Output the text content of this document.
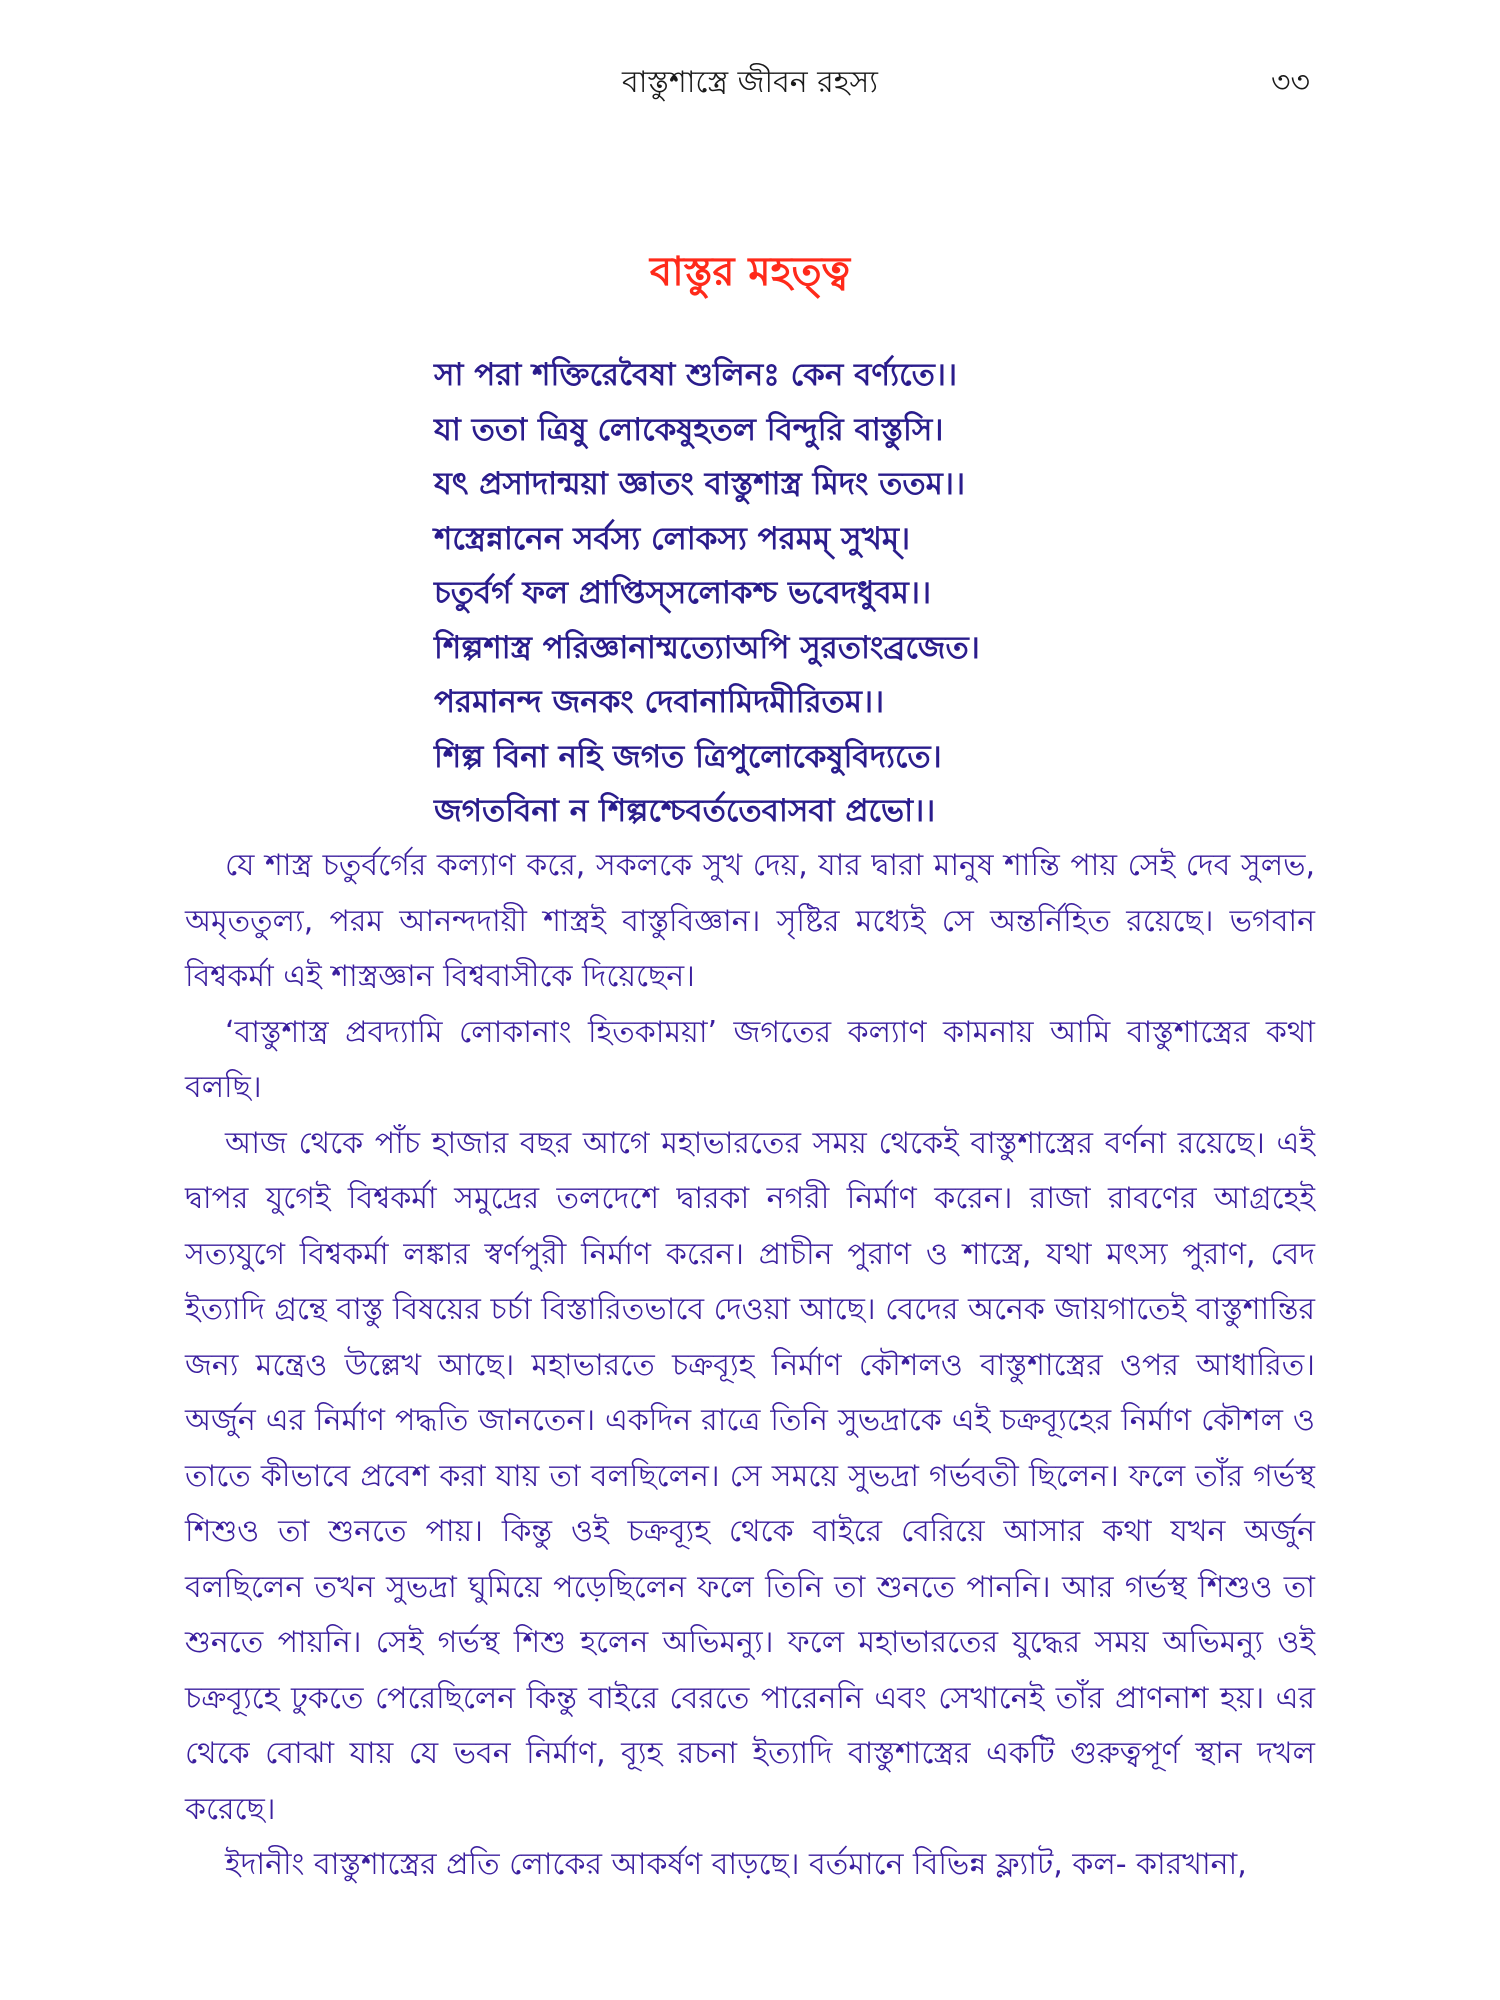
বাস্তুশাস্ত্রে জীবন রহস্য	৩৩
বাস্তুর মহত্ত্ব
সা পরা শক্তিরেবৈষা শুলিনঃ কেন বর্ণ্যতে।।
যা ততা ত্রিষু লোকেষুহতল বিন্দুরি বাস্তুসি।
যৎ প্রসাদান্ময়া জ্ঞাতং বাস্তুশাস্ত্র মিদং ততম।।
শস্ত্রেন্নানেন সর্বস্য লোকস্য পরমম্ সুখম্।
চতুর্বর্গ ফল প্রাপ্তিস্সলোকশ্চ ভবেদধুবম।।
শিল্পশাস্ত্র পরিজ্ঞানাম্মত্যোঅপি সুরতাংব্রজেত।
পরমানন্দ জনকং দেবানামিদমীরিতম।।
শিল্প বিনা নহি জগত ত্রিপুলোকেষুবিদ্যতে।
জগতবিনা ন শিল্পশ্চেবর্ততেবাসবা প্রভো।।

যে শাস্ত্র চতুর্বর্গের কল্যাণ করে, সকলকে সুখ দেয়, যার দ্বারা মানুষ শান্তি পায় সেই দেব সুলভ, অমৃততুল্য, পরম আনন্দদায়ী শাস্ত্রই বাস্তুবিজ্ঞান। সৃষ্টির মধ্যেই সে অন্তর্নিহিত রয়েছে। ভগবান বিশ্বকর্মা এই শাস্ত্রজ্ঞান বিশ্ববাসীকে দিয়েছেন।

‘বাস্তুশাস্ত্র প্রবদ্যামি লোকানাং হিতকাময়া’ জগতের কল্যাণ কামনায় আমি বাস্তুশাস্ত্রের কথা বলছি।

আজ থেকে পাঁচ হাজার বছর আগে মহাভারতের সময় থেকেই বাস্তুশাস্ত্রের বর্ণনা রয়েছে। এই দ্বাপর যুগেই বিশ্বকর্মা সমুদ্রের তলদেশে দ্বারকা নগরী নির্মাণ করেন। রাজা রাবণের আগ্রহেই সত্যযুগে বিশ্বকর্মা লঙ্কার স্বর্ণপুরী নির্মাণ করেন। প্রাচীন পুরাণ ও শাস্ত্রে, যথা মৎস্য পুরাণ, বেদ ইত্যাদি গ্রন্থে বাস্তু বিষয়ের চর্চা বিস্তারিতভাবে দেওয়া আছে। বেদের অনেক জায়গাতেই বাস্তুশান্তির জন্য মন্ত্রেও উল্লেখ আছে। মহাভারতে চক্রব্যূহ নির্মাণ কৌশলও বাস্তুশাস্ত্রের ওপর আধারিত। অর্জুন এর নির্মাণ পদ্ধতি জানতেন। একদিন রাত্রে তিনি সুভদ্রাকে এই চক্রব্যূহের নির্মাণ কৌশল ও তাতে কীভাবে প্রবেশ করা যায় তা বলছিলেন। সে সময়ে সুভদ্রা গর্ভবতী ছিলেন। ফলে তাঁর গর্ভস্থ শিশুও তা শুনতে পায়। কিন্তু ওই চক্রব্যূহ থেকে বাইরে বেরিয়ে আসার কথা যখন অর্জুন বলছিলেন তখন সুভদ্রা ঘুমিয়ে পড়েছিলেন ফলে তিনি তা শুনতে পাননি। আর গর্ভস্থ শিশুও তা শুনতে পায়নি। সেই গর্ভস্থ শিশু হলেন অভিমন্যু। ফলে মহাভারতের যুদ্ধের সময় অভিমন্যু ওই চক্রব্যূহে ঢুকতে পেরেছিলেন কিন্তু বাইরে বেরতে পারেননি এবং সেখানেই তাঁর প্রাণনাশ হয়। এর থেকে বোঝা যায় যে ভবন নির্মাণ, ব্যূহ রচনা ইত্যাদি বাস্তুশাস্ত্রের একটি গুরুত্বপূর্ণ স্থান দখল করেছে।

ইদানীং বাস্তুশাস্ত্রের প্রতি লোকের আকর্ষণ বাড়ছে। বর্তমানে বিভিন্ন ফ্ল্যাট, কল- কারখানা,
